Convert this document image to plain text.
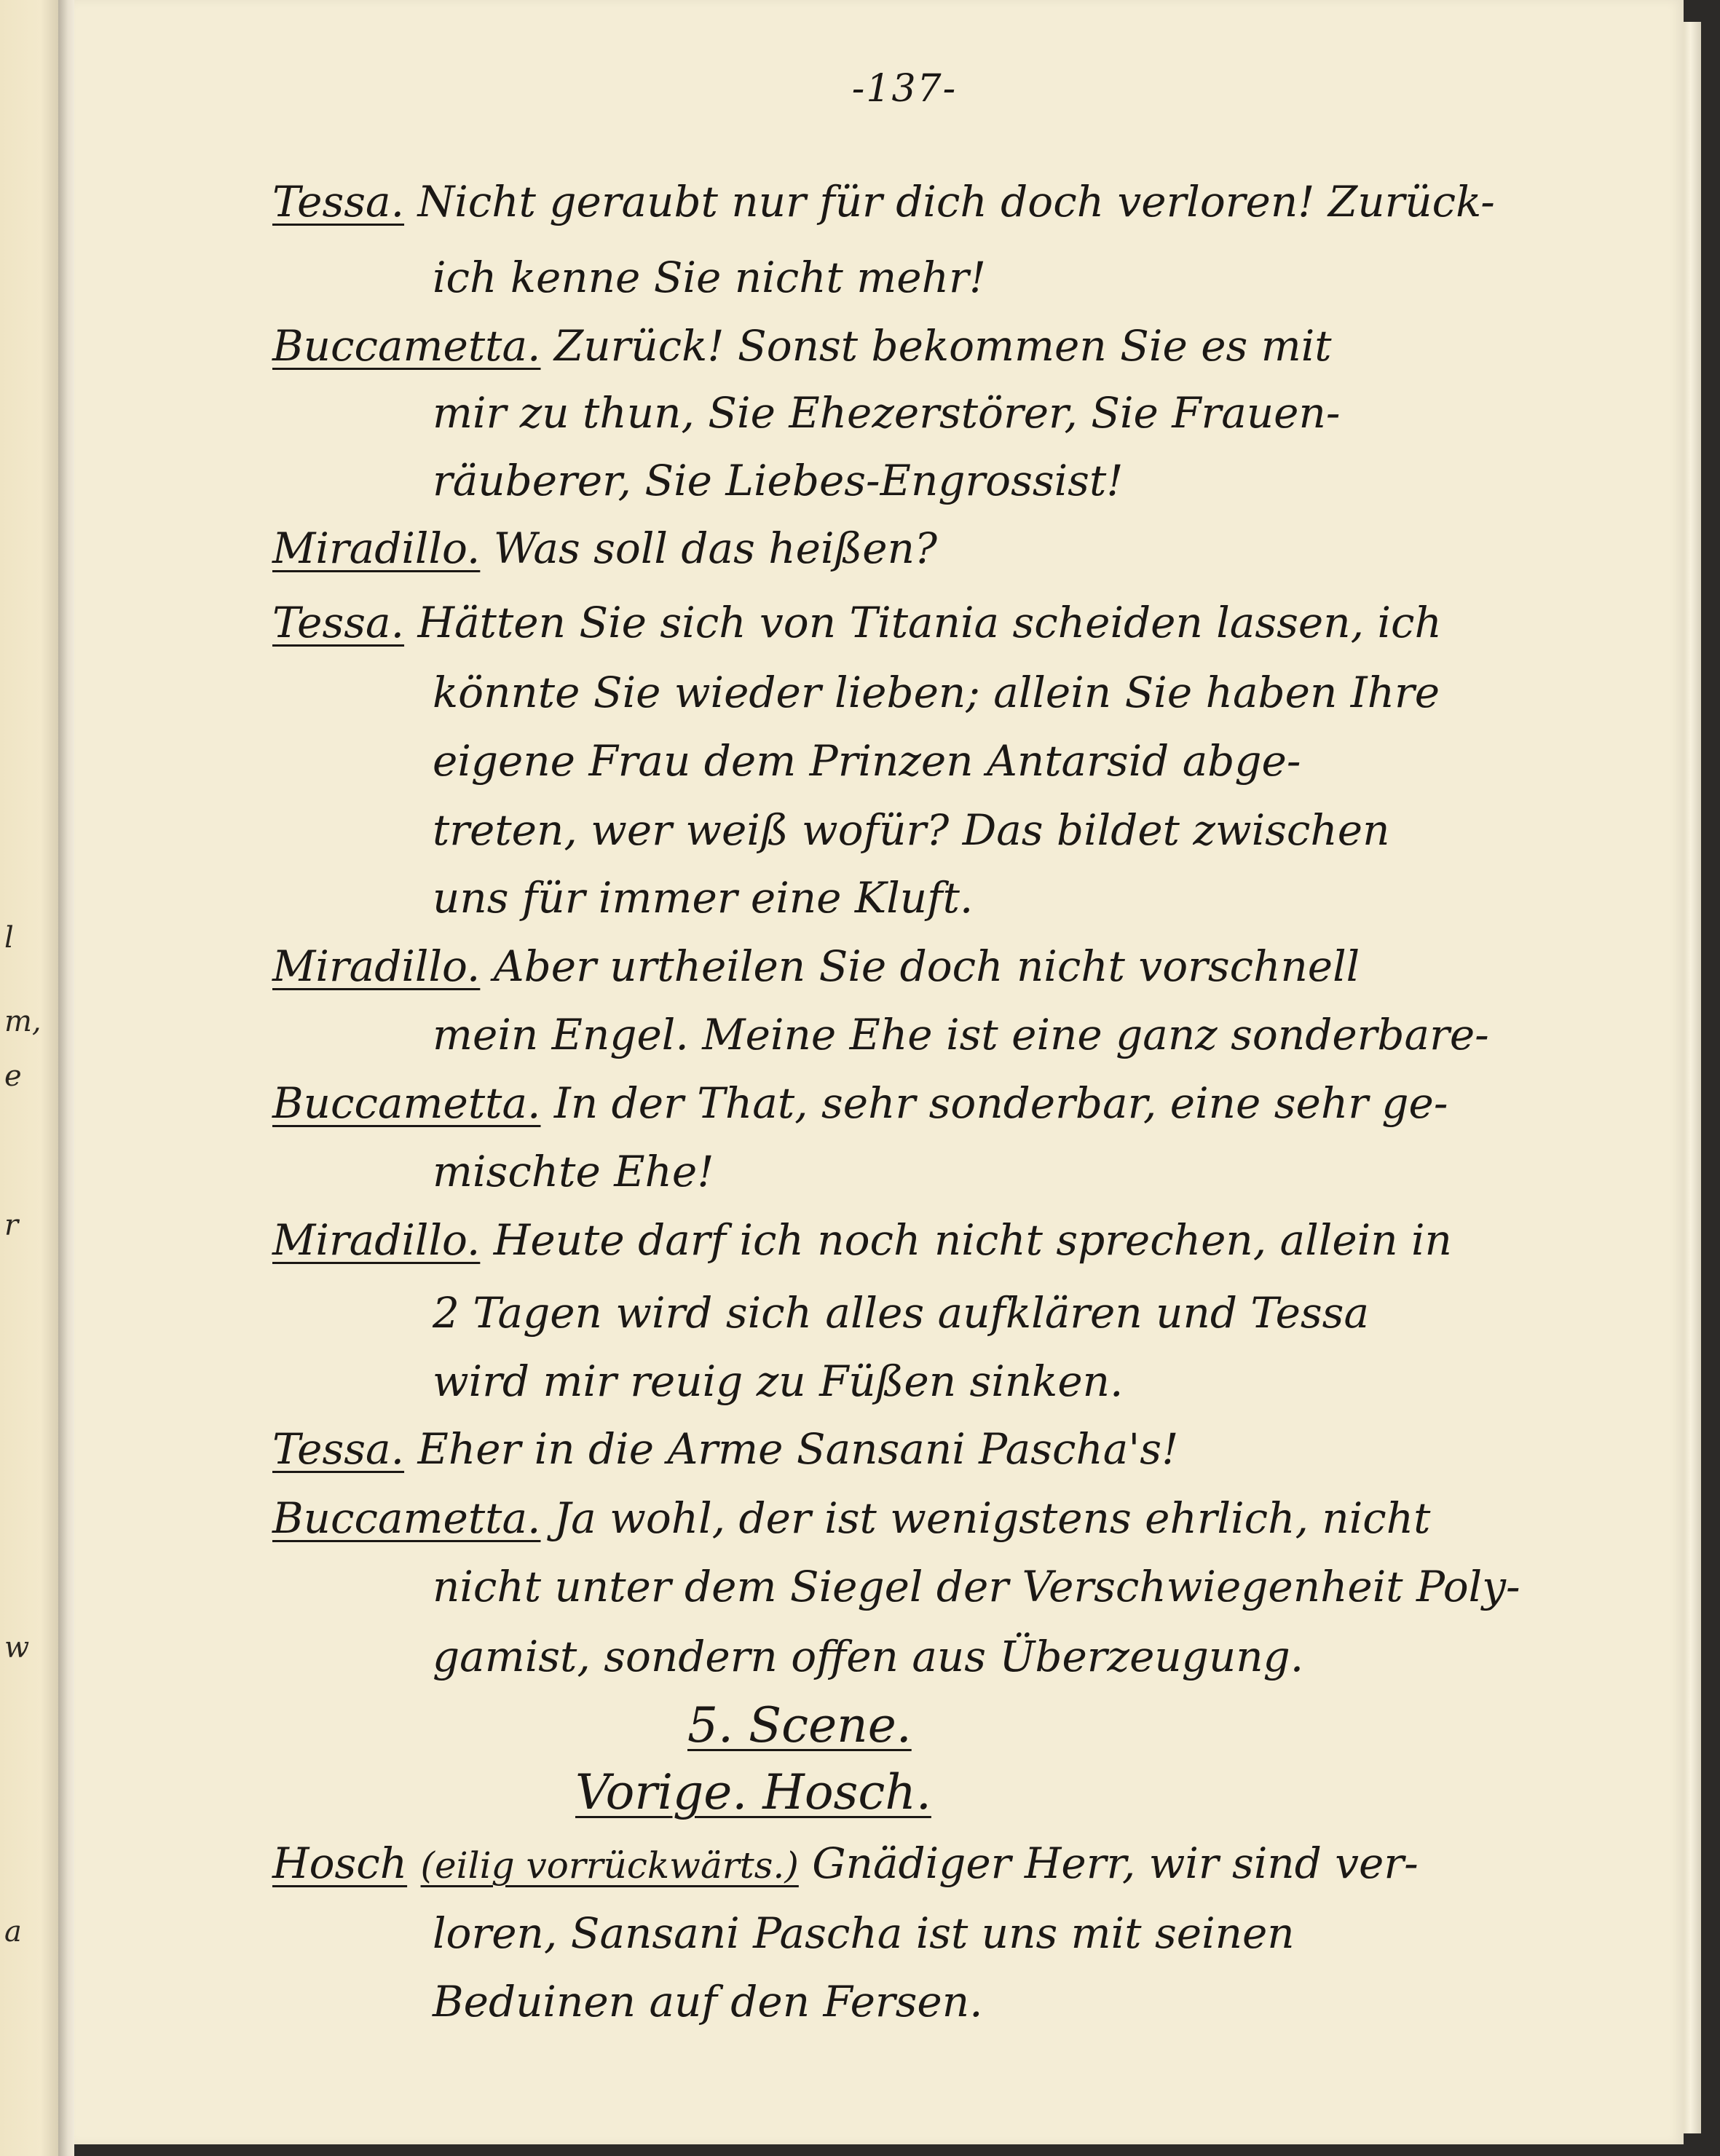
l
m,
e
r
w
a
-137-
Tessa. Nicht geraubt nur für dich doch verloren! Zurück-
ich kenne Sie nicht mehr!
Buccametta. Zurück! Sonst bekommen Sie es mit
mir zu thun, Sie Ehezerstörer, Sie Frauen-
räuberer, Sie Liebes-Engrossist!
Miradillo. Was soll das heißen?
Tessa. Hätten Sie sich von Titania scheiden lassen, ich
könnte Sie wieder lieben; allein Sie haben Ihre
eigene Frau dem Prinzen Antarsid abge-
treten, wer weiß wofür? Das bildet zwischen
uns für immer eine Kluft.
Miradillo. Aber urtheilen Sie doch nicht vorschnell
mein Engel. Meine Ehe ist eine ganz sonderbare-
Buccametta. In der That, sehr sonderbar, eine sehr ge-
mischte Ehe!
Miradillo. Heute darf ich noch nicht sprechen, allein in
2 Tagen wird sich alles aufklären und Tessa
wird mir reuig zu Füßen sinken.
Tessa. Eher in die Arme Sansani Pascha's!
Buccametta. Ja wohl, der ist wenigstens ehrlich, nicht
nicht unter dem Siegel der Verschwiegenheit Poly-
gamist, sondern offen aus Überzeugung.
5. Scene.
Vorige. Hosch.
Hosch (eilig vorrückwärts.) Gnädiger Herr, wir sind ver-
loren, Sansani Pascha ist uns mit seinen
Beduinen auf den Fersen.
